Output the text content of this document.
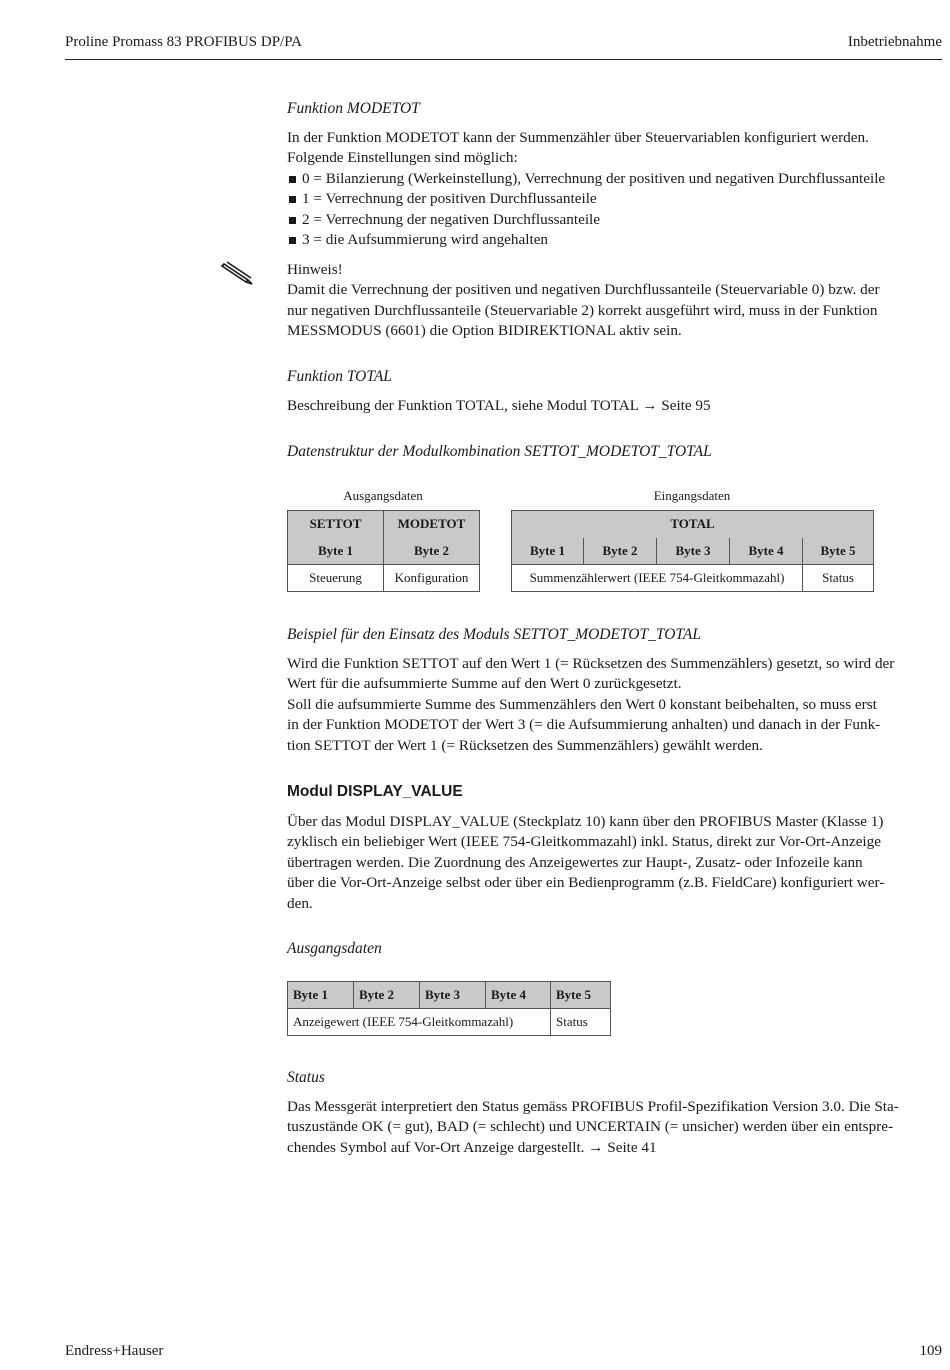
Proline Promass 83 PROFIBUS DP/PA	Inbetriebnahme

Funktion MODETOT

In der Funktion MODETOT kann der Summenzähler über Steuervariablen konfiguriert werden.

Folgende Einstellungen sind möglich:

0 = Bilanzierung (Werkeinstellung), Verrechnung der positiven und negativen Durchflussanteile
1 = Verrechnung der positiven Durchflussanteile
2 = Verrechnung der negativen Durchflussanteile
3 = die Aufsummierung wird angehalten

Hinweis!

Damit die Verrechnung der positiven und negativen Durchflussanteile (Steuervariable 0) bzw. der

nur negativen Durchflussanteile (Steuervariable 2) korrekt ausgeführt wird, muss in der Funktion

MESSMODUS (6601) die Option BIDIREKTIONAL aktiv sein.

Funktion TOTAL

Beschreibung der Funktion TOTAL, siehe Modul TOTAL → Seite 95

Datenstruktur der Modulkombination SETTOT_MODETOT_TOTAL

Ausgangsdaten	Eingangsdaten
SETTOT	MODETOT
Byte 1	Byte 2
Steuerung	Konfiguration
TOTAL				
Byte 1	Byte 2	Byte 3	Byte 4	Byte 5
Summenzählerwert (IEEE 754-Gleitkommazahl)				Status

Beispiel für den Einsatz des Moduls SETTOT_MODETOT_TOTAL

Wird die Funktion SETTOT auf den Wert 1 (= Rücksetzen des Summenzählers) gesetzt, so wird der

Wert für die aufsummierte Summe auf den Wert 0 zurückgesetzt.

Soll die aufsummierte Summe des Summenzählers den Wert 0 konstant beibehalten, so muss erst

in der Funktion MODETOT der Wert 3 (= die Aufsummierung anhalten) und danach in der Funk-

tion SETTOT der Wert 1 (= Rücksetzen des Summenzählers) gewählt werden.

Modul DISPLAY_VALUE

Über das Modul DISPLAY_VALUE (Steckplatz 10) kann über den PROFIBUS Master (Klasse 1)

zyklisch ein beliebiger Wert (IEEE 754-Gleitkommazahl) inkl. Status, direkt zur Vor-Ort-Anzeige

übertragen werden. Die Zuordnung des Anzeigewertes zur Haupt-, Zusatz- oder Infozeile kann

über die Vor-Ort-Anzeige selbst oder über ein Bedienprogramm (z.B. FieldCare) konfiguriert wer-

den.

Ausgangsdaten

Byte 1	Byte 2	Byte 3	Byte 4	Byte 5
Anzeigewert (IEEE 754-Gleitkommazahl)				Status

Status

Das Messgerät interpretiert den Status gemäss PROFIBUS Profil-Spezifikation Version 3.0. Die Sta-

tuszustände OK (= gut), BAD (= schlecht) und UNCERTAIN (= unsicher) werden über ein entspre-

chendes Symbol auf Vor-Ort Anzeige dargestellt. → Seite 41

Endress+Hauser	109
